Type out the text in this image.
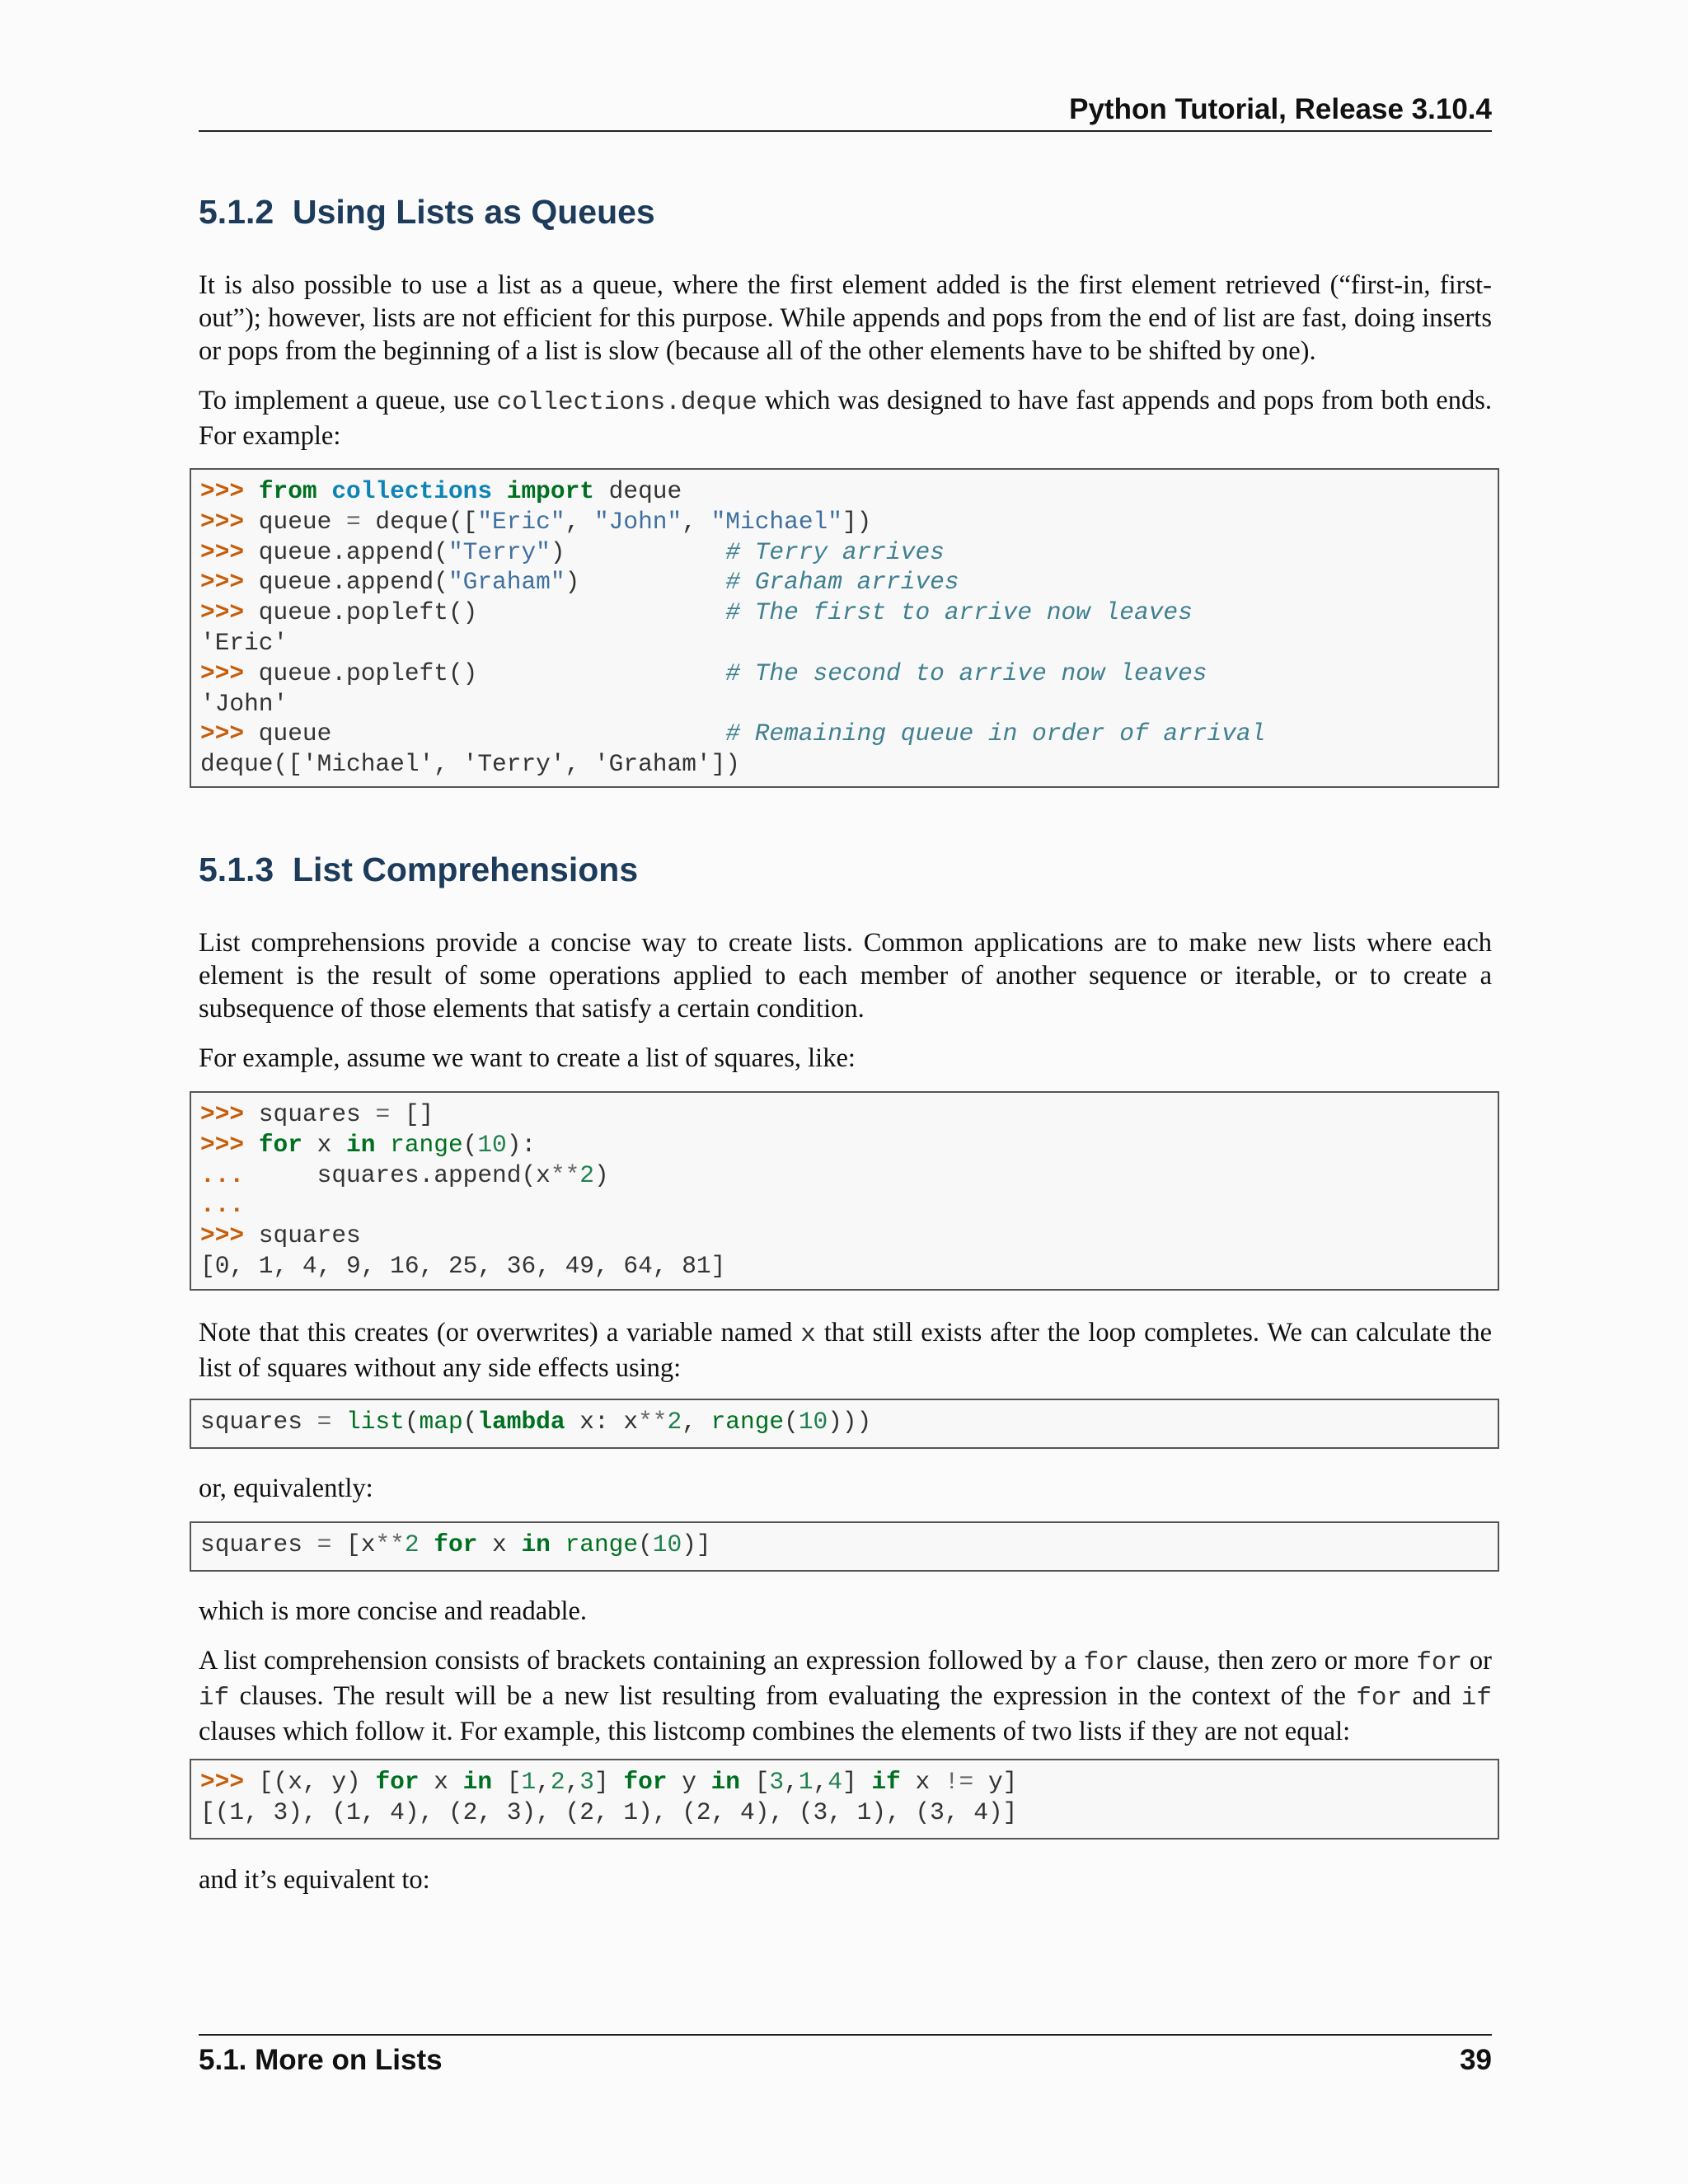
Python Tutorial, Release 3.10.4
5.1.2  Using Lists as Queues

It is also possible to use a list as a queue, where the first element added is the first element retrieved (“first-in, first-out”); however, lists are not efficient for this purpose. While appends and pops from the end of list are fast, doing inserts or pops from the beginning of a list is slow (because all of the other elements have to be shifted by one).

To implement a queue, use collections.deque which was designed to have fast appends and pops from both ends. For example:

>>> from collections import deque
>>> queue = deque(["Eric", "John", "Michael"])
>>> queue.append("Terry")           # Terry arrives
>>> queue.append("Graham")          # Graham arrives
>>> queue.popleft()                 # The first to arrive now leaves
'Eric'
>>> queue.popleft()                 # The second to arrive now leaves
'John'
>>> queue                           # Remaining queue in order of arrival
deque(['Michael', 'Terry', 'Graham'])
5.1.3  List Comprehensions

List comprehensions provide a concise way to create lists. Common applications are to make new lists where each element is the result of some operations applied to each member of another sequence or iterable, or to create a subsequence of those elements that satisfy a certain condition.

For example, assume we want to create a list of squares, like:

>>> squares = []
>>> for x in range(10):
...     squares.append(x**2)
...
>>> squares
[0, 1, 4, 9, 16, 25, 36, 49, 64, 81]

Note that this creates (or overwrites) a variable named x that still exists after the loop completes. We can calculate the list of squares without any side effects using:

squares = list(map(lambda x: x**2, range(10)))

or, equivalently:

squares = [x**2 for x in range(10)]

which is more concise and readable.

A list comprehension consists of brackets containing an expression followed by a for clause, then zero or more for or if clauses. The result will be a new list resulting from evaluating the expression in the context of the for and if clauses which follow it. For example, this listcomp combines the elements of two lists if they are not equal:

>>> [(x, y) for x in [1,2,3] for y in [3,1,4] if x != y]
[(1, 3), (1, 4), (2, 3), (2, 1), (2, 4), (3, 1), (3, 4)]

and it’s equivalent to:

5.1. More on Lists	39
